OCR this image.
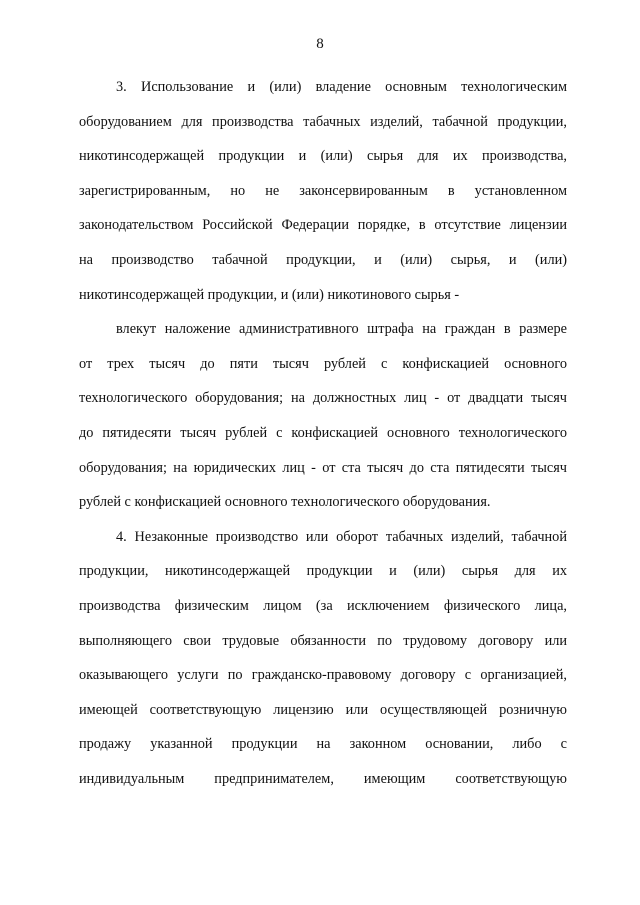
8
3. Использование и (или) владение основным технологическим
оборудованием для производства табачных изделий, табачной продукции,
никотинсодержащей продукции и (или) сырья для их производства,
зарегистрированным, но не законсервированным в установленном
законодательством Российской Федерации порядке, в отсутствие лицензии
на производство табачной продукции, и (или) сырья, и (или)
никотинсодержащей продукции, и (или) никотинового сырья -
влекут наложение административного штрафа на граждан в размере
от трех тысяч до пяти тысяч рублей с конфискацией основного
технологического оборудования; на должностных лиц - от двадцати тысяч
до пятидесяти тысяч рублей с конфискацией основного технологического
оборудования; на юридических лиц - от ста тысяч до ста пятидесяти тысяч
рублей с конфискацией основного технологического оборудования.
4. Незаконные производство или оборот табачных изделий, табачной
продукции, никотинсодержащей продукции и (или) сырья для их
производства физическим лицом (за исключением физического лица,
выполняющего свои трудовые обязанности по трудовому договору или
оказывающего услуги по гражданско-правовому договору с организацией,
имеющей соответствующую лицензию или осуществляющей розничную
продажу указанной продукции на законном основании, либо с
индивидуальным предпринимателем, имеющим соответствующую
